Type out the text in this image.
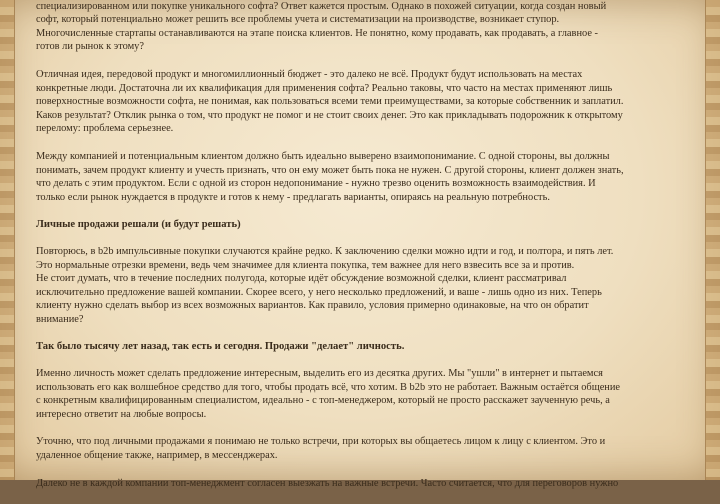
специализированном или покупке уникального софта? Ответ кажется простым. Однако в похожей ситуации, когда создан новый
софт, который потенциально может решить все проблемы учета и систематизации на производстве, возникает ступор.
Многочисленные стартапы останавливаются на этапе поиска клиентов. Не понятно, кому продавать, как продавать, а главное -
готов ли рынок к этому?
Отличная идея, передовой продукт и многомиллионный бюджет - это далеко не всё. Продукт будут использовать на местах
конкретные люди. Достаточна ли их квалификация для применения софта? Реально таковы, что часто на местах применяют лишь
поверхностные возможности софта, не понимая, как пользоваться всеми теми преимуществами, за которые собственник и заплатил.
Каков результат? Отклик рынка о том, что продукт не помог и не стоит своих денег. Это как прикладывать подорожник к открытому
перелому: проблема серьезнее.
Между компанией и потенциальным клиентом должно быть идеально выверено взаимопонимание. С одной стороны, вы должны
понимать, зачем продукт клиенту и учесть признать, что он ему может быть пока не нужен. С другой стороны, клиент должен знать,
что делать с этим продуктом. Если с одной из сторон недопонимание - нужно трезво оценить возможность взаимодействия. И
только если рынок нуждается в продукте и готов к нему - предлагать варианты, опираясь на реальную потребность.
Личные продажи решали (и будут решать)
Повторюсь, в b2b импульсивные покупки случаются крайне редко. К заключению сделки можно идти и год, и полтора, и пять лет.
Это нормальные отрезки времени, ведь чем значимее для клиента покупка, тем важнее для него взвесить все за и против.
Не стоит думать, что в течение последних полугода, которые идёт обсуждение возможной сделки, клиент рассматривал
исключительно предложение вашей компании. Скорее всего, у него несколько предложений, и ваше - лишь одно из них. Теперь
клиенту нужно сделать выбор из всех возможных вариантов. Как правило, условия примерно одинаковые, на что он обратит
внимание?
Так было тысячу лет назад, так есть и сегодня. Продажи "делает" личность.
Именно личность может сделать предложение интересным, выделить его из десятка других. Мы "ушли" в интернет и пытаемся
использовать его как волшебное средство для того, чтобы продать всё, что хотим. В b2b это не работает. Важным остаётся общение
с конкретным квалифицированным специалистом, идеально - с топ-менеджером, который не просто расскажет заученную речь, а
интересно ответит на любые вопросы.
Уточню, что под личными продажами я понимаю не только встречи, при которых вы общаетесь лицом к лицу с клиентом. Это и
удаленное общение также, например, в мессенджерах.
Далеко не в каждой компании топ-менеджмент согласен выезжать на важные встречи. Часто считается, что для переговоров нужно
